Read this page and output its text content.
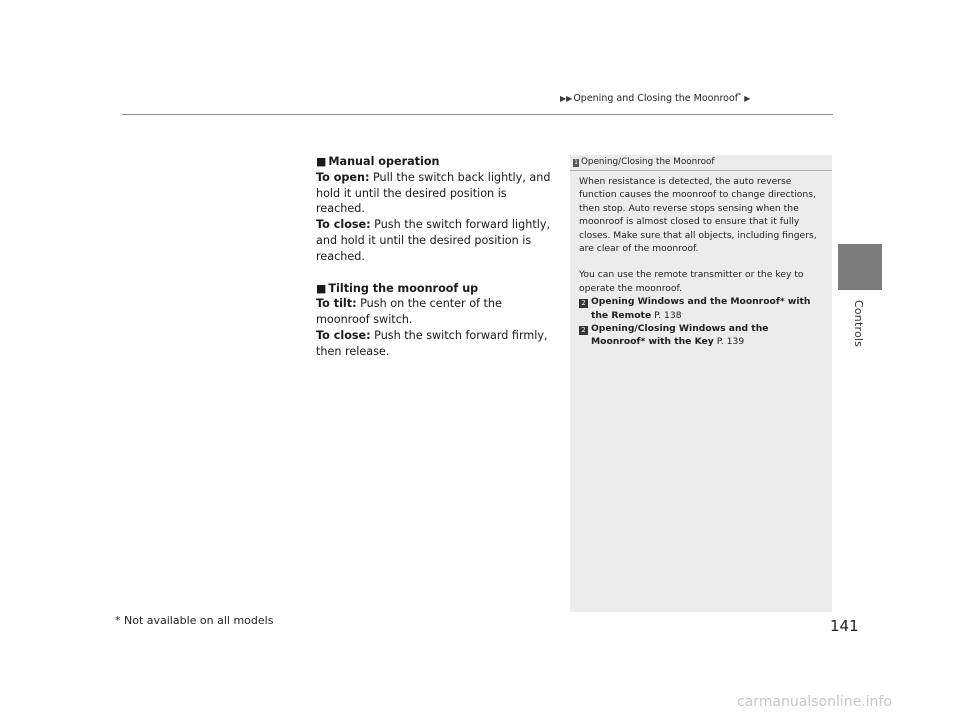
▶▶Opening and Closing the Moonroof* ▶
Controls

■ Manual operation

To open: Pull the switch back lightly, and hold it until the desired position is reached.

To close: Push the switch forward lightly, and hold it until the desired position is reached.

■ Tilting the moonroof up

To tilt: Push on the center of the moonroof switch.

To close: Push the switch forward firmly, then release.

1 Opening/Closing the Moonroof

When resistance is detected, the auto reverse function causes the moonroof to change directions, then stop. Auto reverse stops sensing when the moonroof is almost closed to ensure that it fully closes. Make sure that all objects, including fingers, are clear of the moonroof.

You can use the remote transmitter or the key to operate the moonroof.

2 Opening Windows and the Moonroof* with the Remote P. 138

2 Opening/Closing Windows and the Moonroof* with the Key P. 139

* Not available on all models	141
carmanualsonline.info
